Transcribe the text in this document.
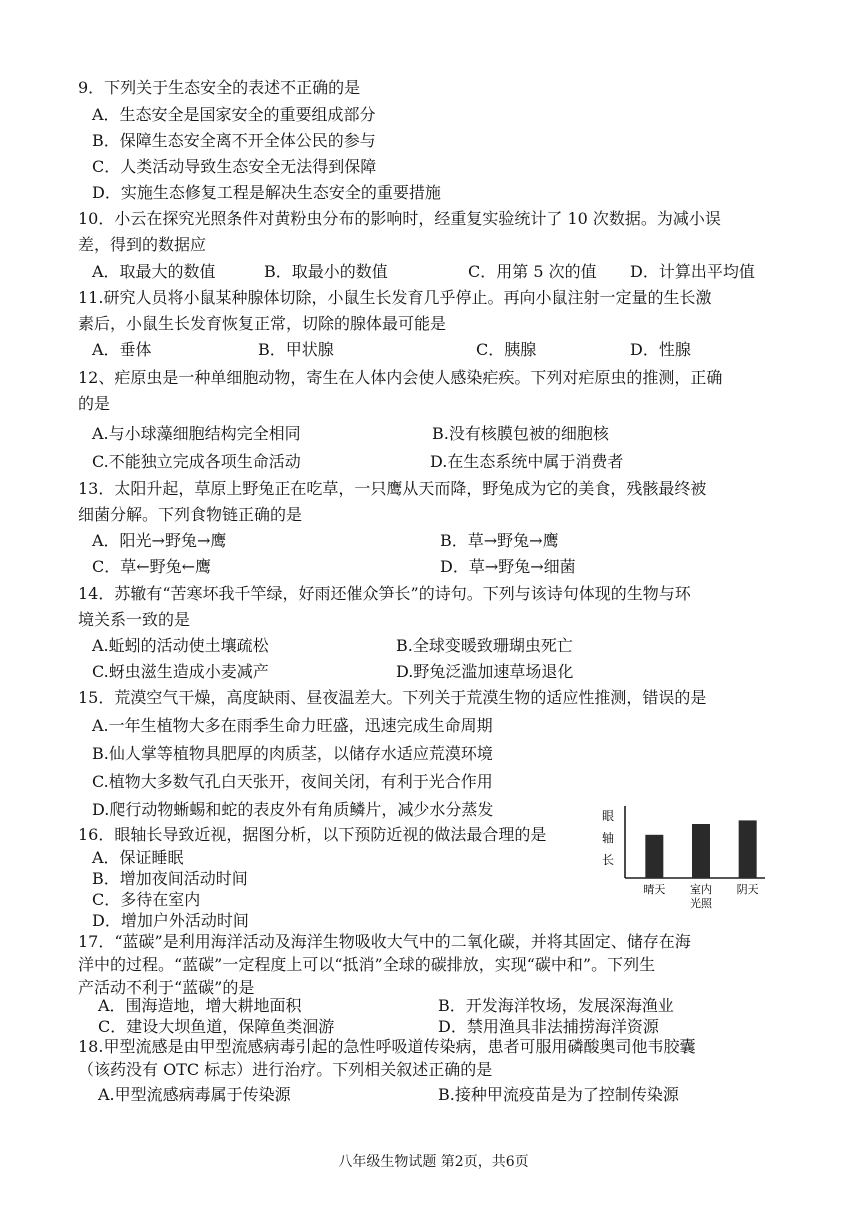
9．下列关于生态安全的表述不正确的是
A．生态安全是国家安全的重要组成部分
B．保障生态安全离不开全体公民的参与
C．人类活动导致生态安全无法得到保障
D．实施生态修复工程是解决生态安全的重要措施
10．小云在探究光照条件对黄粉虫分布的影响时，经重复实验统计了 10 次数据。为减小误
差，得到的数据应
A．取最大的数值	B．取最小的数值	C．用第 5 次的值 D．计算出平均值
11.研究人员将小鼠某种腺体切除，小鼠生长发育几乎停止。再向小鼠注射一定量的生长激
素后，小鼠生长发育恢复正常，切除的腺体最可能是
A．垂体	B．甲状腺	C．胰腺	D．性腺
12、疟原虫是一种单细胞动物，寄生在人体内会使人感染疟疾。下列对疟原虫的推测，正确
的是
A.与小球藻细胞结构完全相同	B.没有核膜包被的细胞核
C.不能独立完成各项生命活动	D.在生态系统中属于消费者
13．太阳升起，草原上野兔正在吃草，一只鹰从天而降，野兔成为它的美食，残骸最终被
细菌分解。下列食物链正确的是
A．阳光→野兔→鹰	B．草→野兔→鹰
C．草←野兔←鹰	D．草→野兔→细菌
14．苏辙有“苦寒坏我千竿绿，好雨还催众笋长”的诗句。下列与该诗句体现的生物与环
境关系一致的是
A.蚯蚓的活动使土壤疏松	B.全球变暖致珊瑚虫死亡
C.蚜虫滋生造成小麦减产	D.野兔泛滥加速草场退化
15．荒漠空气干燥，高度缺雨、昼夜温差大。下列关于荒漠生物的适应性推测，错误的是
A.一年生植物大多在雨季生命力旺盛，迅速完成生命周期
B.仙人掌等植物具肥厚的肉质茎，以储存水适应荒漠环境
C.植物大多数气孔白天张开，夜间关闭，有利于光合作用
D.爬行动物蜥蜴和蛇的表皮外有角质鳞片，减少水分蒸发
16．眼轴长导致近视，据图分析，以下预防近视的做法最合理的是
A．保证睡眠
B．增加夜间活动时间
C．多待在室内
D．增加户外活动时间
眼
轴
长
晴天 室内
光照
阴天
17．“蓝碳”是利用海洋活动及海洋生物吸收大气中的二氧化碳，并将其固定、储存在海
洋中的过程。“蓝碳”一定程度上可以“抵消”全球的碳排放，实现“碳中和”。下列生
产活动不利于“蓝碳”的是
A．围海造地，增大耕地面积	B．开发海洋牧场，发展深海渔业
C．建设大坝鱼道，保障鱼类洄游	D．禁用渔具非法捕捞海洋资源
18.甲型流感是由甲型流感病毒引起的急性呼吸道传染病，患者可服用磷酸奥司他韦胶囊
（该药没有 OTC 标志）进行治疗。下列相关叙述正确的是
A.甲型流感病毒属于传染源	B.接种甲流疫苗是为了控制传染源
八年级生物试题 第2页，共6页
